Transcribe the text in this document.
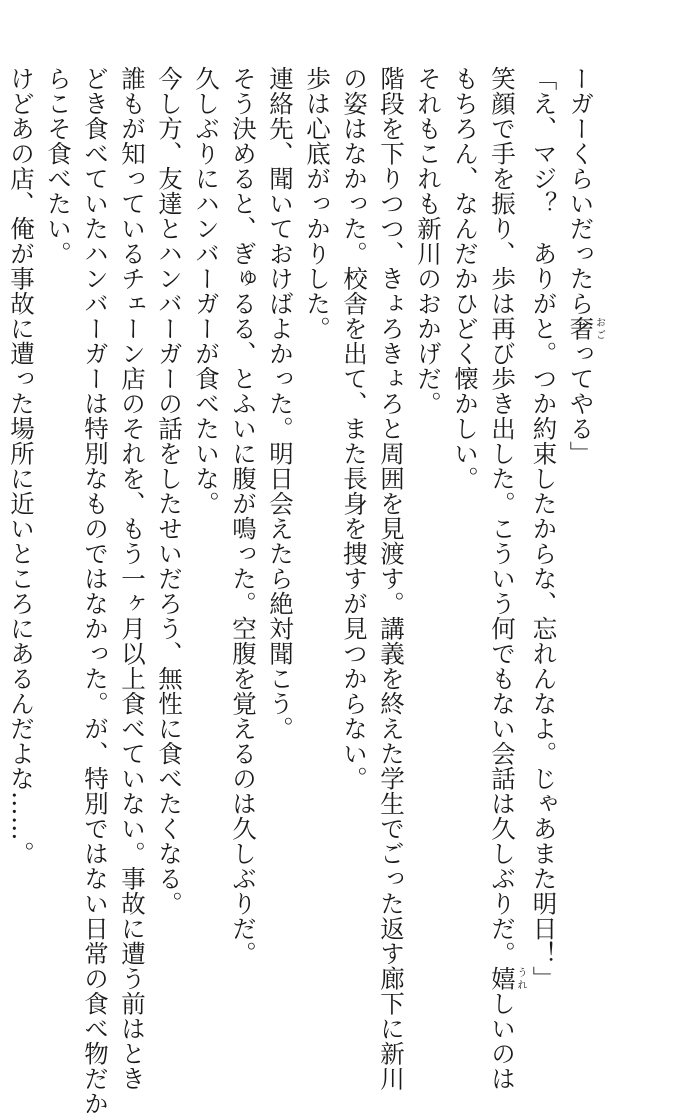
ーガーくらいだったら奢おごってやる」
「え、マジ？　ありがと。つか約束したからな、忘れんなよ。じゃあまた明日！」
笑顔で手を振り、歩は再び歩き出した。こういう何でもない会話は久しぶりだ。嬉うれしいのは
もちろん、なんだかひどく懐かしい。
それもこれも新川のおかげだ。
階段を下りつつ、きょろきょろと周囲を見渡す。講義を終えた学生でごった返す廊下に新川
の姿はなかった。校舎を出て、また長身を捜すが見つからない。
歩は心底がっかりした。
連絡先、聞いておけばよかった。明日会えたら絶対聞こう。
そう決めると、ぎゅるる、とふいに腹が鳴った。空腹を覚えるのは久しぶりだ。
久しぶりにハンバーガーが食べたいな。
今し方、友達とハンバーガーの話をしたせいだろう、無性に食べたくなる。
誰もが知っているチェーン店のそれを、もう一ヶ月以上食べていない。事故に遭う前はとき
どき食べていたハンバーガーは特別なものではなかった。が、特別ではない日常の食べ物だか
らこそ食べたい。
けどあの店、俺が事故に遭った場所に近いところにあるんだよな……。
